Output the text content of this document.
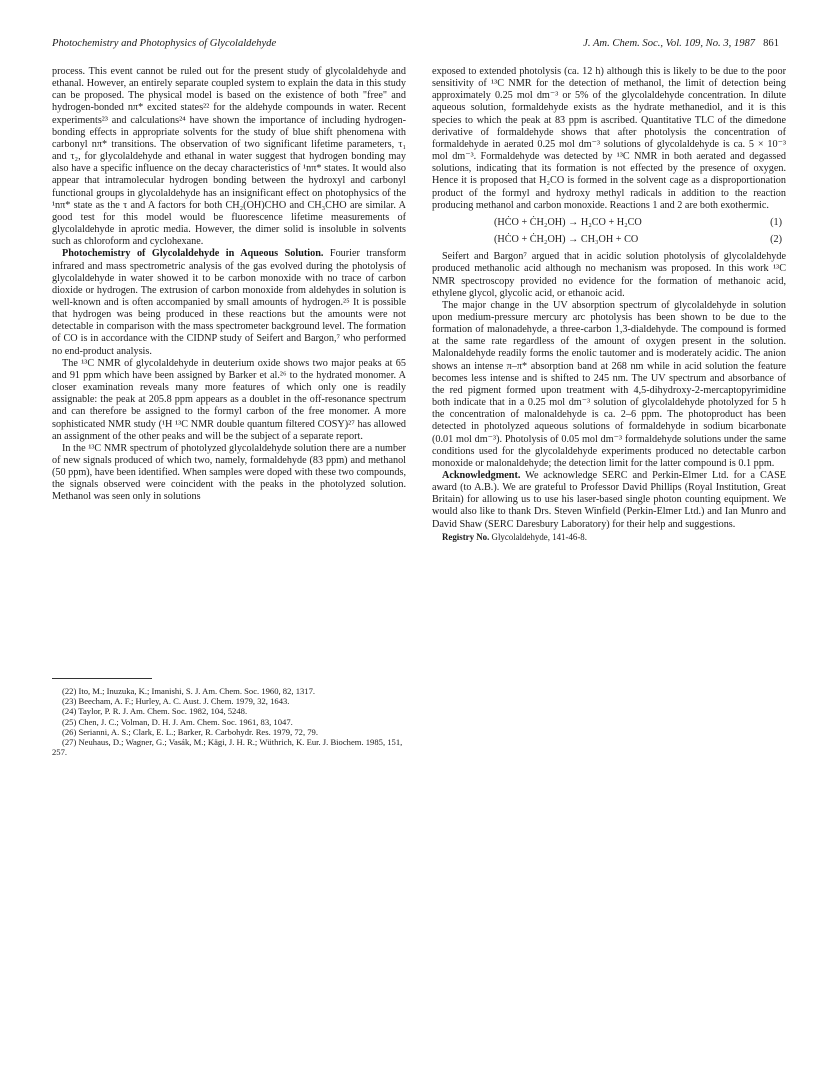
Photochemistry and Photophysics of Glycolaldehyde	J. Am. Chem. Soc., Vol. 109, No. 3, 1987 861

process. This event cannot be ruled out for the present study of glycolaldehyde and ethanal. However, an entirely separate coupled system to explain the data in this study can be proposed. The physical model is based on the existence of both "free" and hydrogen-bonded nπ* excited states²² for the aldehyde compounds in water. Recent experiments²³ and calculations²⁴ have shown the importance of including hydrogen-bonding effects in appropriate solvents for the study of blue shift phenomena with carbonyl nπ* transitions. The observation of two significant lifetime parameters, τ₁ and τ₂, for glycolaldehyde and ethanal in water suggest that hydrogen bonding may also have a specific influence on the decay characteristics of ¹nπ* states. It would also appear that intramolecular hydrogen bonding between the hydroxyl and carbonyl functional groups in glycolaldehyde has an insignificant effect on photophysics of the ¹nπ* state as the τ and A factors for both CH₂(OH)CHO and CH₃CHO are similar. A good test for this model would be fluorescence lifetime measurements of glycolaldehyde in aprotic media. However, the dimer solid is insoluble in solvents such as chloroform and cyclohexane.

Photochemistry of Glycolaldehyde in Aqueous Solution. Fourier transform infrared and mass spectrometric analysis of the gas evolved during the photolysis of glycolaldehyde in water showed it to be carbon monoxide with no trace of carbon dioxide or hydrogen. The extrusion of carbon monoxide from aldehydes in solution is well-known and is often accompanied by small amounts of hydrogen.²⁵ It is possible that hydrogen was being produced in these reactions but the amounts were not detectable in comparison with the mass spectrometer background level. The formation of CO is in accordance with the CIDNP study of Seifert and Bargon,⁷ who performed no end-product analysis.

The ¹³C NMR of glycolaldehyde in deuterium oxide shows two major peaks at 65 and 91 ppm which have been assigned by Barker et al.²⁶ to the hydrated monomer. A closer examination reveals many more features of which only one is readily assignable: the peak at 205.8 ppm appears as a doublet in the off-resonance spectrum and can therefore be assigned to the formyl carbon of the free monomer. A more sophisticated NMR study (¹H ¹³C NMR double quantum filtered COSY)²⁷ has allowed an assignment of the other peaks and will be the subject of a separate report.

In the ¹³C NMR spectrum of photolyzed glycolaldehyde solution there are a number of new signals produced of which two, namely, formaldehyde (83 ppm) and methanol (50 ppm), have been identified. When samples were doped with these two compounds, the signals observed were coincident with the peaks in the photolyzed solution. Methanol was seen only in solutions

(22) Ito, M.; Inuzuka, K.; Imanishi, S. J. Am. Chem. Soc. 1960, 82, 1317.
(23) Beecham, A. F.; Hurley, A. C. Aust. J. Chem. 1979, 32, 1643.
(24) Taylor, P. R. J. Am. Chem. Soc. 1982, 104, 5248.
(25) Chen, J. C.; Volman, D. H. J. Am. Chem. Soc. 1961, 83, 1047.
(26) Serianni, A. S.; Clark, E. L.; Barker, R. Carbohydr. Res. 1979, 72, 79.
(27) Neuhaus, D.; Wagner, G.; Vasák, M.; Kägi, J. H. R.; Wüthrich, K. Eur. J. Biochem. 1985, 151, 257.

exposed to extended photolysis (ca. 12 h) although this is likely to be due to the poor sensitivity of ¹³C NMR for the detection of methanol, the limit of detection being approximately 0.25 mol dm⁻³ or 5% of the glycolaldehyde concentration. In dilute aqueous solution, formaldehyde exists as the hydrate methanediol, and it is this species to which the peak at 83 ppm is ascribed. Quantitative TLC of the dimedone derivative of formaldehyde shows that after photolysis the concentration of formaldehyde in aerated 0.25 mol dm⁻³ solutions of glycolaldehyde is ca. 5 × 10⁻³ mol dm⁻³. Formaldehyde was detected by ¹³C NMR in both aerated and degassed solutions, indicating that its formation is not effected by the presence of oxygen. Hence it is proposed that H₂CO is formed in the solvent cage as a disproportionation product of the formyl and hydroxy methyl radicals in addition to the reaction producing methanol and carbon monoxide. Reactions 1 and 2 are both exothermic.

(HĊO + ĊH₂OH) → H₂CO + H₂CO	(1)
(HĊO + ĊH₂OH) → CH₃OH + CO	(2)

Seifert and Bargon⁷ argued that in acidic solution photolysis of glycolaldehyde produced methanolic acid although no mechanism was proposed. In this work ¹³C NMR spectroscopy provided no evidence for the formation of methanoic acid, ethylene glycol, glycolic acid, or ethanoic acid.

The major change in the UV absorption spectrum of glycolaldehyde in solution upon medium-pressure mercury arc photolysis has been shown to be due to the formation of malonadehyde, a three-carbon 1,3-dialdehyde. The compound is formed at the same rate regardless of the amount of oxygen present in the solution. Malonaldehyde readily forms the enolic tautomer and is moderately acidic. The anion shows an intense π–π* absorption band at 268 nm while in acid solution the feature becomes less intense and is shifted to 245 nm. The UV spectrum and absorbance of the red pigment formed upon treatment with 4,5-dihydroxy-2-mercaptopyrimidine both indicate that in a 0.25 mol dm⁻³ solution of glycolaldehyde photolyzed for 5 h the concentration of malonaldehyde is ca. 2–6 ppm. The photoproduct has been detected in photolyzed aqueous solutions of formaldehyde in sodium bicarbonate (0.01 mol dm⁻³). Photolysis of 0.05 mol dm⁻³ formaldehyde solutions under the same conditions used for the glycolaldehyde experiments produced no detectable carbon monoxide or malonaldehyde; the detection limit for the latter compound is 0.1 ppm.

Acknowledgment. We acknowledge SERC and Perkin-Elmer Ltd. for a CASE award (to A.B.). We are grateful to Professor David Phillips (Royal Institution, Great Britain) for allowing us to use his laser-based single photon counting equipment. We would also like to thank Drs. Steven Winfield (Perkin-Elmer Ltd.) and Ian Munro and David Shaw (SERC Daresbury Laboratory) for their help and suggestions.

Registry No. Glycolaldehyde, 141-46-8.
